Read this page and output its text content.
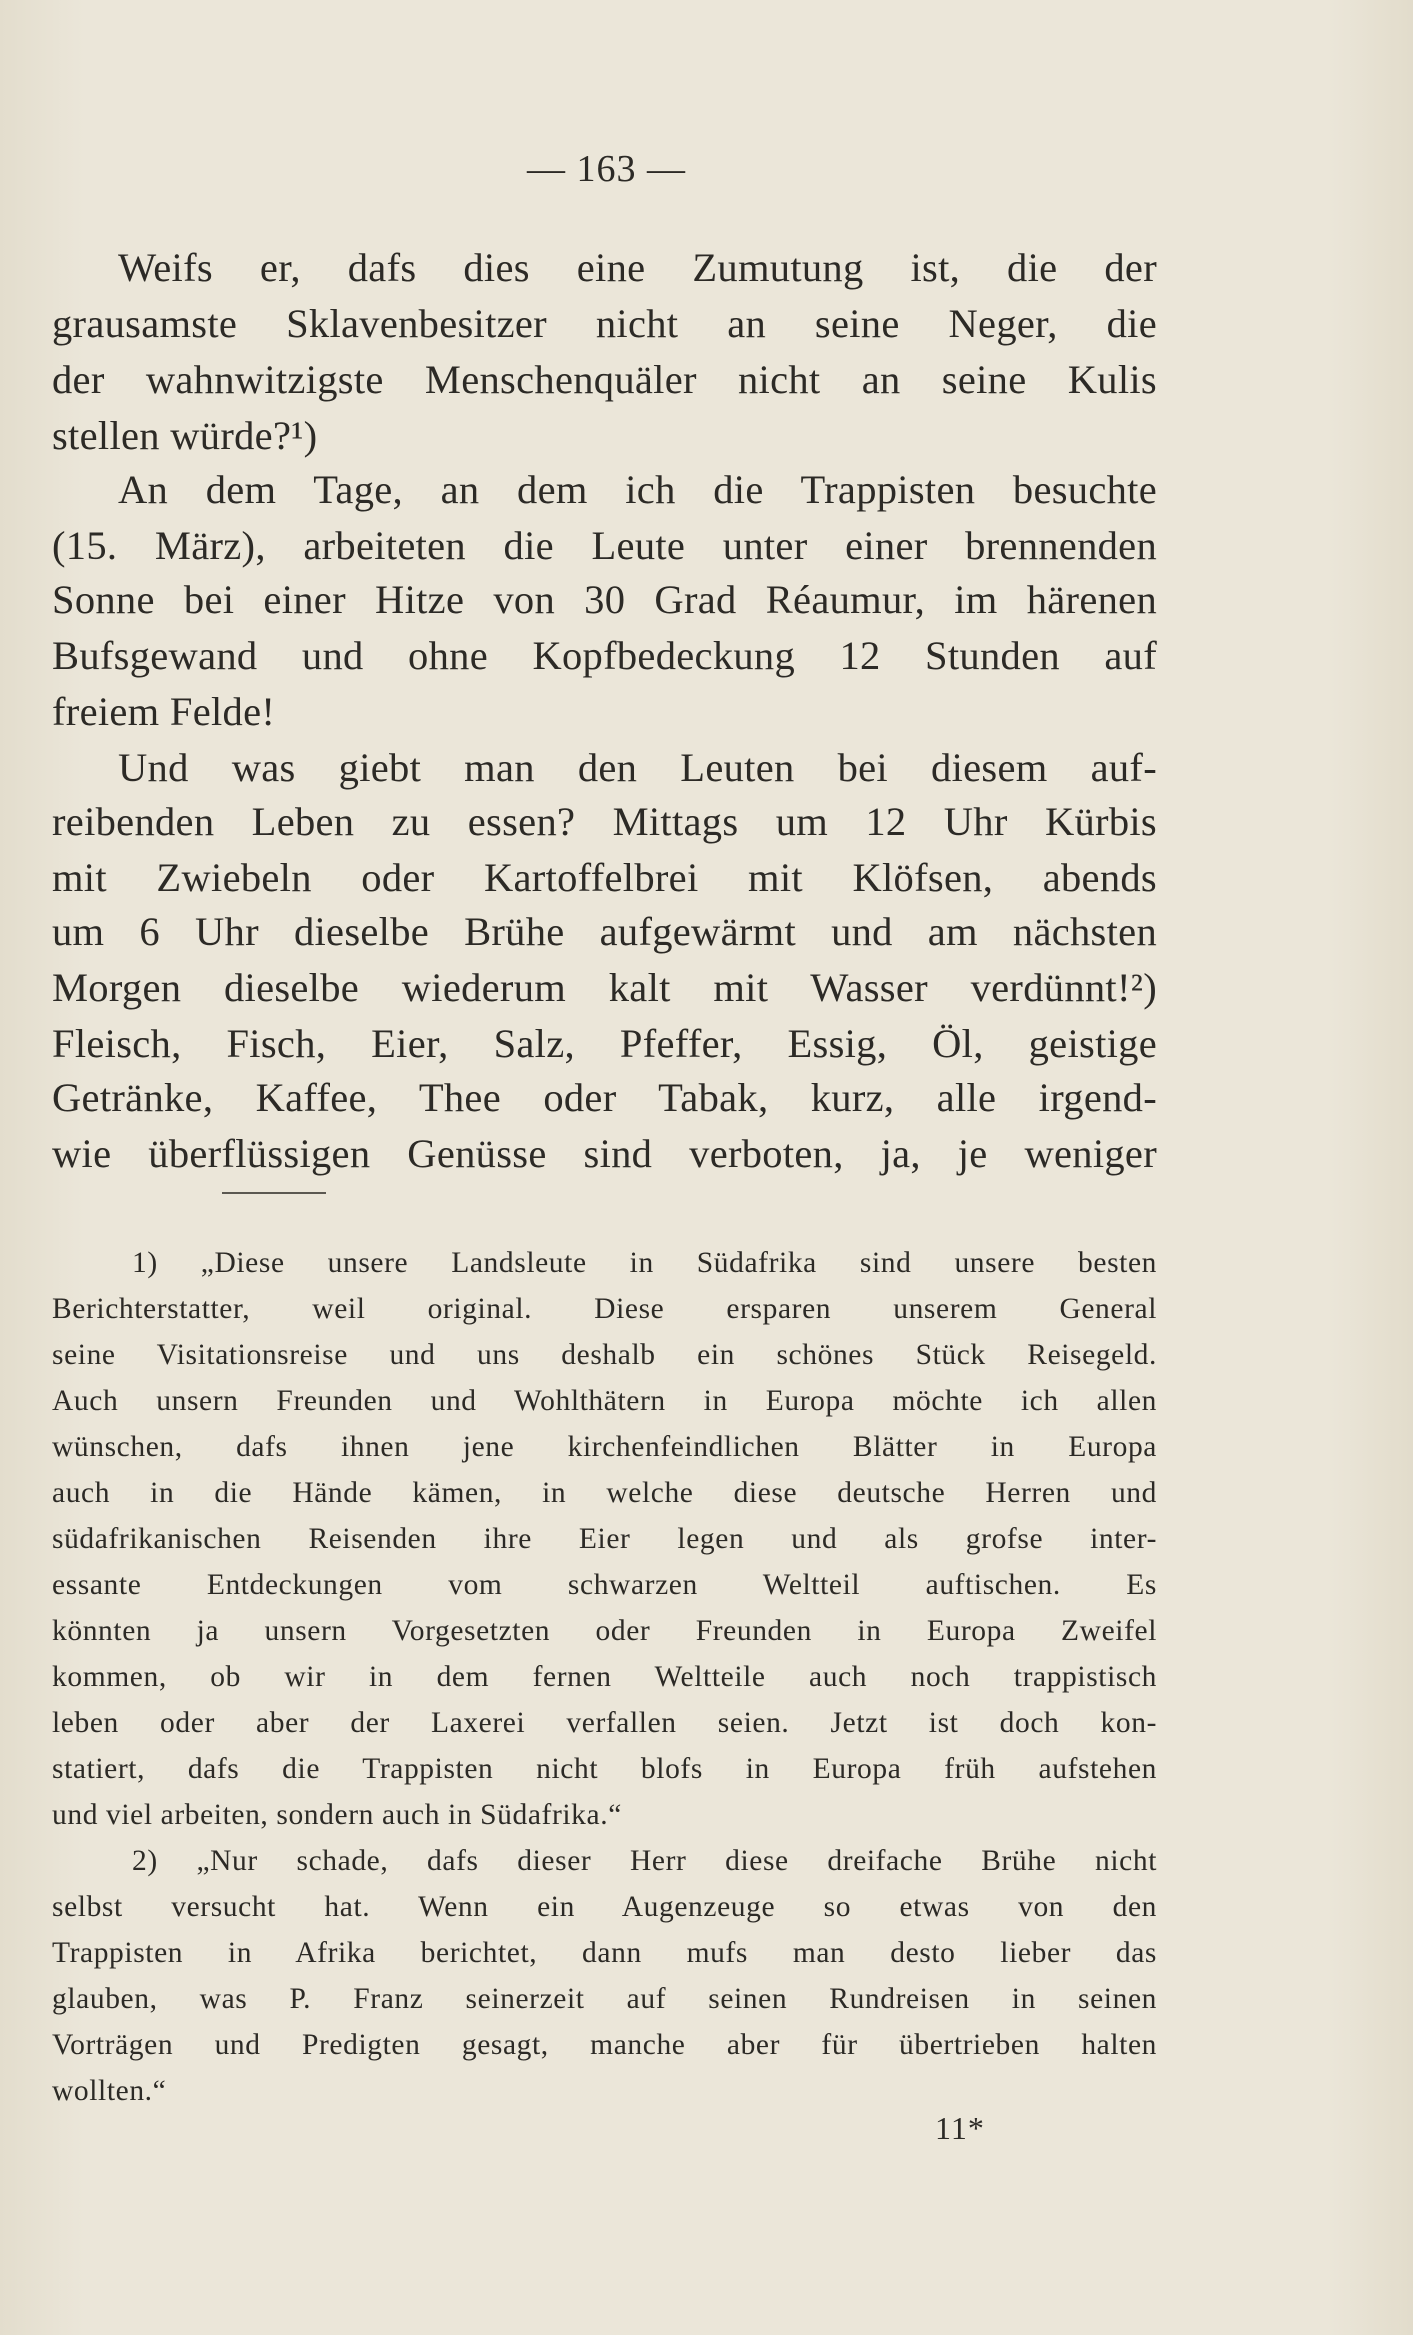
— 163 —
Weifs er, dafs dies eine Zumutung ist, die der
grausamste Sklavenbesitzer nicht an seine Neger, die
der wahnwitzigste Menschenquäler nicht an seine Kulis
stellen würde?¹)
An dem Tage, an dem ich die Trappisten besuchte
(15. März), arbeiteten die Leute unter einer brennenden
Sonne bei einer Hitze von 30 Grad Réaumur, im härenen
Bufsgewand und ohne Kopfbedeckung 12 Stunden auf
freiem Felde!
Und was giebt man den Leuten bei diesem auf-
reibenden Leben zu essen? Mittags um 12 Uhr Kürbis
mit Zwiebeln oder Kartoffelbrei mit Klöfsen, abends
um 6 Uhr dieselbe Brühe aufgewärmt und am nächsten
Morgen dieselbe wiederum kalt mit Wasser verdünnt!²)
Fleisch, Fisch, Eier, Salz, Pfeffer, Essig, Öl, geistige
Getränke, Kaffee, Thee oder Tabak, kurz, alle irgend-
wie überflüssigen Genüsse sind verboten, ja, je weniger
1) „Diese unsere Landsleute in Südafrika sind unsere besten
Berichterstatter, weil original. Diese ersparen unserem General
seine Visitationsreise und uns deshalb ein schönes Stück Reisegeld.
Auch unsern Freunden und Wohlthätern in Europa möchte ich allen
wünschen, dafs ihnen jene kirchenfeindlichen Blätter in Europa
auch in die Hände kämen, in welche diese deutsche Herren und
südafrikanischen Reisenden ihre Eier legen und als grofse inter-
essante Entdeckungen vom schwarzen Weltteil auftischen. Es
könnten ja unsern Vorgesetzten oder Freunden in Europa Zweifel
kommen, ob wir in dem fernen Weltteile auch noch trappistisch
leben oder aber der Laxerei verfallen seien. Jetzt ist doch kon-
statiert, dafs die Trappisten nicht blofs in Europa früh aufstehen
und viel arbeiten, sondern auch in Südafrika.“
2) „Nur schade, dafs dieser Herr diese dreifache Brühe nicht
selbst versucht hat. Wenn ein Augenzeuge so etwas von den
Trappisten in Afrika berichtet, dann mufs man desto lieber das
glauben, was P. Franz seinerzeit auf seinen Rundreisen in seinen
Vorträgen und Predigten gesagt, manche aber für übertrieben halten
wollten.“
11*
